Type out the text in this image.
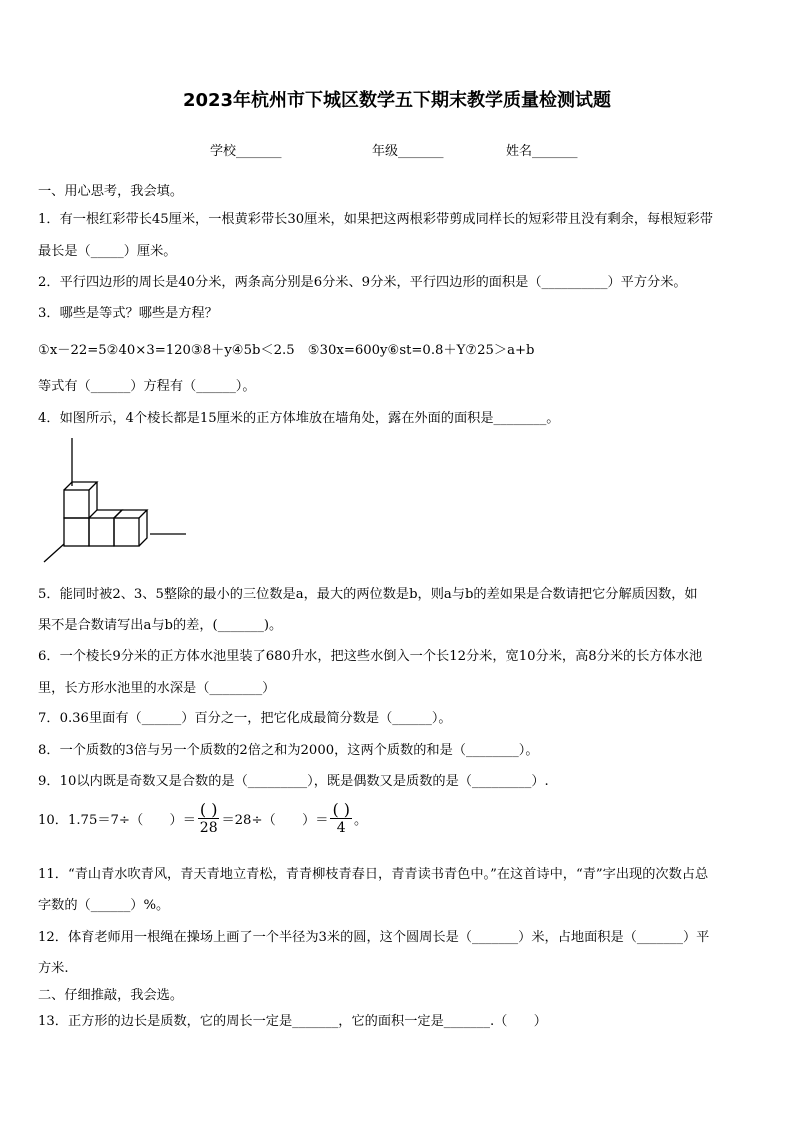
2023年杭州市下城区数学五下期末教学质量检测试题
学校_______	年级_______	姓名_______
一、用心思考，我会填。
1．有一根红彩带长45厘米，一根黄彩带长30厘米，如果把这两根彩带剪成同样长的短彩带且没有剩余，每根短彩带
最长是（_____）厘米。
2．平行四边形的周长是40分米，两条高分别是6分米、9分米，平行四边形的面积是（__________）平方分米。
3．哪些是等式？哪些是方程？
①x－22=5②40×3=120③8＋y④5b＜2.5　⑤30x=600y⑥st=0.8＋Y⑦25＞a+b
等式有（______）方程有（______）。
4．如图所示，4个棱长都是15厘米的正方体堆放在墙角处，露在外面的面积是________。
5．能同时被2、3、5整除的最小的三位数是a，最大的两位数是b，则a与b的差如果是合数请把它分解质因数，如
果不是合数请写出a与b的差，(_______)。
6．一个棱长9分米的正方体水池里装了680升水，把这些水倒入一个长12分米，宽10分米，高8分米的长方体水池
里，长方形水池里的水深是（________）
7．0.36里面有（______）百分之一，把它化成最简分数是（______）。
8．一个质数的3倍与另一个质数的2倍之和为2000，这两个质数的和是（________）。
9．10以内既是奇数又是合数的是（_________），既是偶数又是质数的是（_________）.
10．1.75＝7÷（　　）＝ $\frac{( )}{28} =28\div$（　　）＝ $\frac{( )}{4}$ 。
11．“青山青水吹青风，青天青地立青松，青青柳枝青春日，青青读书青色中。”在这首诗中，“青”字出现的次数占总
字数的（______）%。
12．体育老师用一根绳在操场上画了一个半径为3米的圆，这个圆周长是（_______）米，占地面积是（_______）平
方米.
二、仔细推敲，我会选。
13．正方形的边长是质数，它的周长一定是_______，它的面积一定是_______.（　　）
